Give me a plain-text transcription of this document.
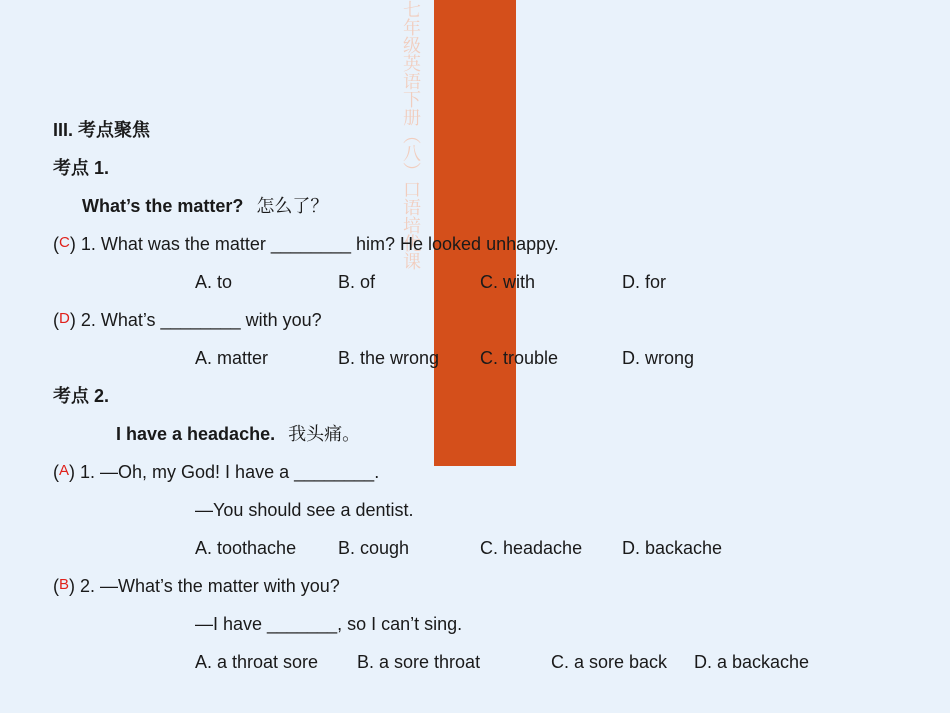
七年级英语下册（八）口语培优课
III. 考点聚焦
考点 1.
What’s the matter? 怎么了？
(C) 1. What was the matter ________ him? He looked unhappy.
A. to	B. of	C. with	D. for
(D) 2. What’s ________ with you?
A. matter	B. the wrong C. trouble	D. wrong
考点 2.
I have a headache. 我头痛。
(A) 1. —Oh, my God! I have a ________.
—You should see a dentist.
A. toothache B. cough	C. headache D. backache
(B) 2. —What’s the matter with you?
—I have _______, so I can’t sing.
A. a throat sore B. a sore throat	C. a sore back D. a backache
